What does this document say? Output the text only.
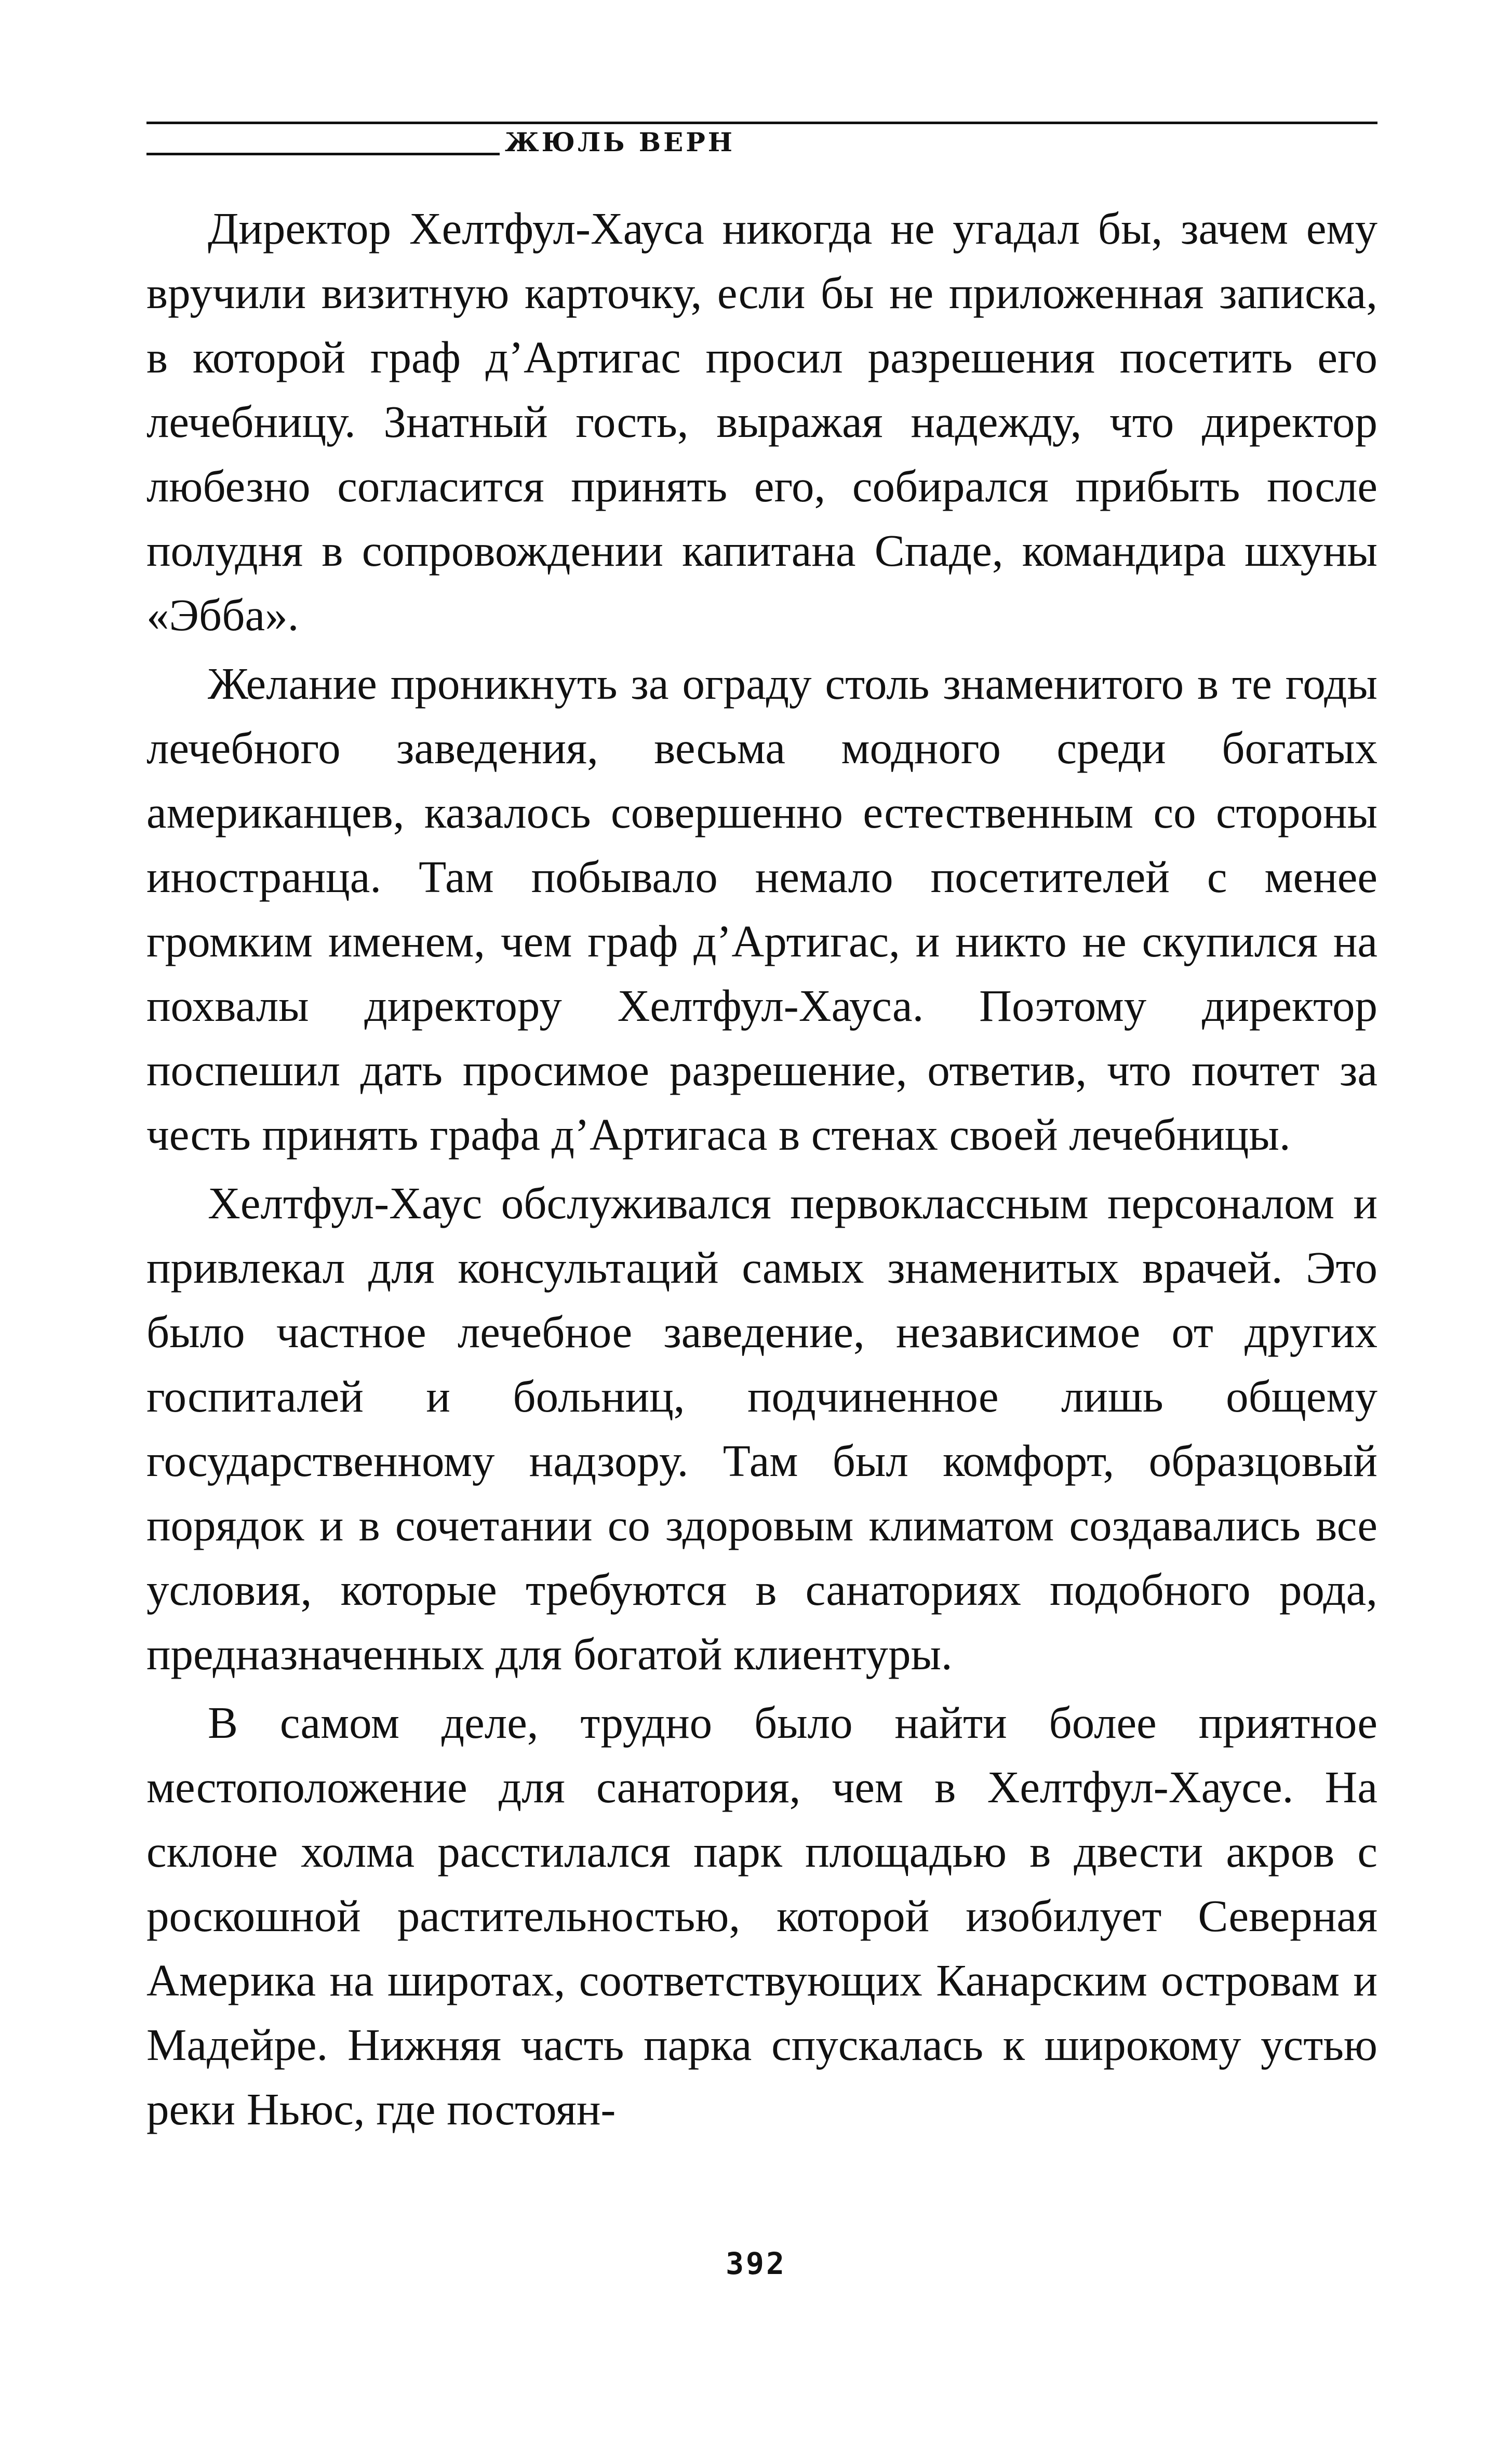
ЖЮЛЬ ВЕРН

Директор Хелтфул-Хауса никогда не угадал бы, зачем ему вручили визитную карточку, если бы не приложенная записка, в которой граф д’Артигас просил разрешения посетить его лечебницу. Знатный гость, выражая надежду, что директор любезно согласится принять его, собирался прибыть после полудня в сопровождении капитана Спаде, командира шхуны «Эбба».

Желание проникнуть за ограду столь знаменитого в те годы лечебного заведения, весьма модного среди богатых американцев, казалось совершенно естественным со стороны иностранца. Там побывало немало посетителей с менее громким именем, чем граф д’Артигас, и никто не скупился на похвалы директору Хелтфул-Хауса. Поэтому директор поспешил дать просимое разрешение, ответив, что почтет за честь принять графа д’Артигаса в стенах своей лечебницы.

Хелтфул-Хаус обслуживался первоклассным персоналом и привлекал для консультаций самых знаменитых врачей. Это было частное лечебное заведение, независимое от других госпиталей и больниц, подчиненное лишь общему государственному надзору. Там был комфорт, образцовый порядок и в сочетании со здоровым климатом создавались все условия, которые требуются в санаториях подобного рода, предназначенных для богатой клиентуры.

В самом деле, трудно было найти более приятное местоположение для санатория, чем в Хелтфул-Хаусе. На склоне холма расстилался парк площадью в двести акров с роскошной растительностью, которой изобилует Северная Америка на широтах, соответствующих Канарским островам и Мадейре. Нижняя часть парка спускалась к широкому устью реки Ньюс, где постоян-

392
